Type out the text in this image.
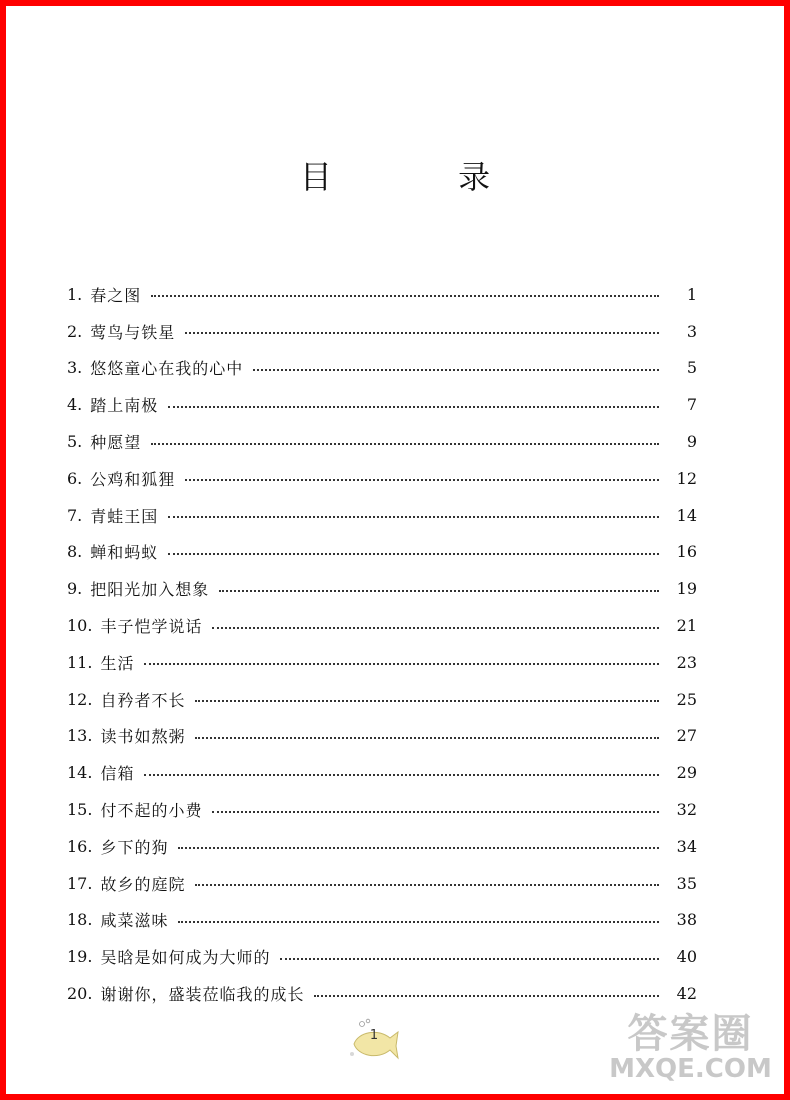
目 录
1. 春之图	1
2. 莺鸟与铁星	3
3. 悠悠童心在我的心中	5
4. 踏上南极	7
5. 种愿望	9
6. 公鸡和狐狸	12
7. 青蛙王国	14
8. 蝉和蚂蚁	16
9. 把阳光加入想象	19
10. 丰子恺学说话	21
11. 生活	23
12. 自矜者不长	25
13. 读书如熬粥	27
14. 信箱	29
15. 付不起的小费	32
16. 乡下的狗	34
17. 故乡的庭院	35
18. 咸菜滋味	38
19. 吴晗是如何成为大师的	40
20. 谢谢你，盛装莅临我的成长	42
1	答案圈
MXQE.COM
